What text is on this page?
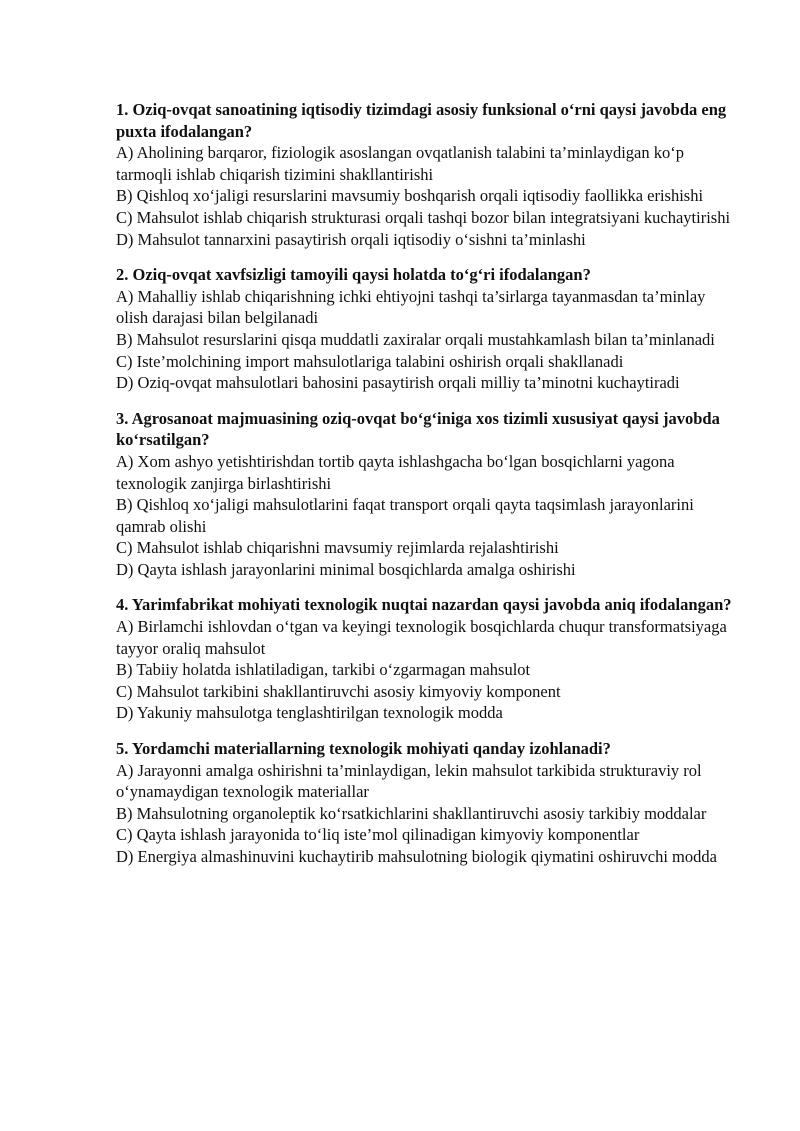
1. Oziq-ovqat sanoatining iqtisodiy tizimdagi asosiy funksional o‘rni qaysi javobda eng puxta ifodalangan?

A) Aholining barqaror, fiziologik asoslangan ovqatlanish talabini ta’minlaydigan ko‘p tarmoqli ishlab chiqarish tizimini shakllantirishi

B) Qishloq xo‘jaligi resurslarini mavsumiy boshqarish orqali iqtisodiy faollikka erishishi

C) Mahsulot ishlab chiqarish strukturasi orqali tashqi bozor bilan integratsiyani kuchaytirishi

D) Mahsulot tannarxini pasaytirish orqali iqtisodiy o‘sishni ta’minlashi

2. Oziq-ovqat xavfsizligi tamoyili qaysi holatda to‘g‘ri ifodalangan?

A) Mahalliy ishlab chiqarishning ichki ehtiyojni tashqi ta’sirlarga tayanmasdan ta’minlay olish darajasi bilan belgilanadi

B) Mahsulot resurslarini qisqa muddatli zaxiralar orqali mustahkamlash bilan ta’minlanadi

C) Iste’molchining import mahsulotlariga talabini oshirish orqali shakllanadi

D) Oziq-ovqat mahsulotlari bahosini pasaytirish orqali milliy ta’minotni kuchaytiradi

3. Agrosanoat majmuasining oziq-ovqat bo‘g‘iniga xos tizimli xususiyat qaysi javobda ko‘rsatilgan?

A) Xom ashyo yetishtirishdan tortib qayta ishlashgacha bo‘lgan bosqichlarni yagona texnologik zanjirga birlashtirishi

B) Qishloq xo‘jaligi mahsulotlarini faqat transport orqali qayta taqsimlash jarayonlarini qamrab olishi

C) Mahsulot ishlab chiqarishni mavsumiy rejimlarda rejalashtirishi

D) Qayta ishlash jarayonlarini minimal bosqichlarda amalga oshirishi

4. Yarimfabrikat mohiyati texnologik nuqtai nazardan qaysi javobda aniq ifodalangan?

A) Birlamchi ishlovdan o‘tgan va keyingi texnologik bosqichlarda chuqur transformatsiyaga tayyor oraliq mahsulot

B) Tabiiy holatda ishlatiladigan, tarkibi o‘zgarmagan mahsulot

C) Mahsulot tarkibini shakllantiruvchi asosiy kimyoviy komponent

D) Yakuniy mahsulotga tenglashtirilgan texnologik modda

5. Yordamchi materiallarning texnologik mohiyati qanday izohlanadi?

A) Jarayonni amalga oshirishni ta’minlaydigan, lekin mahsulot tarkibida strukturaviy rol o‘ynamaydigan texnologik materiallar

B) Mahsulotning organoleptik ko‘rsatkichlarini shakllantiruvchi asosiy tarkibiy moddalar

C) Qayta ishlash jarayonida to‘liq iste’mol qilinadigan kimyoviy komponentlar

D) Energiya almashinuvini kuchaytirib mahsulotning biologik qiymatini oshiruvchi modda
